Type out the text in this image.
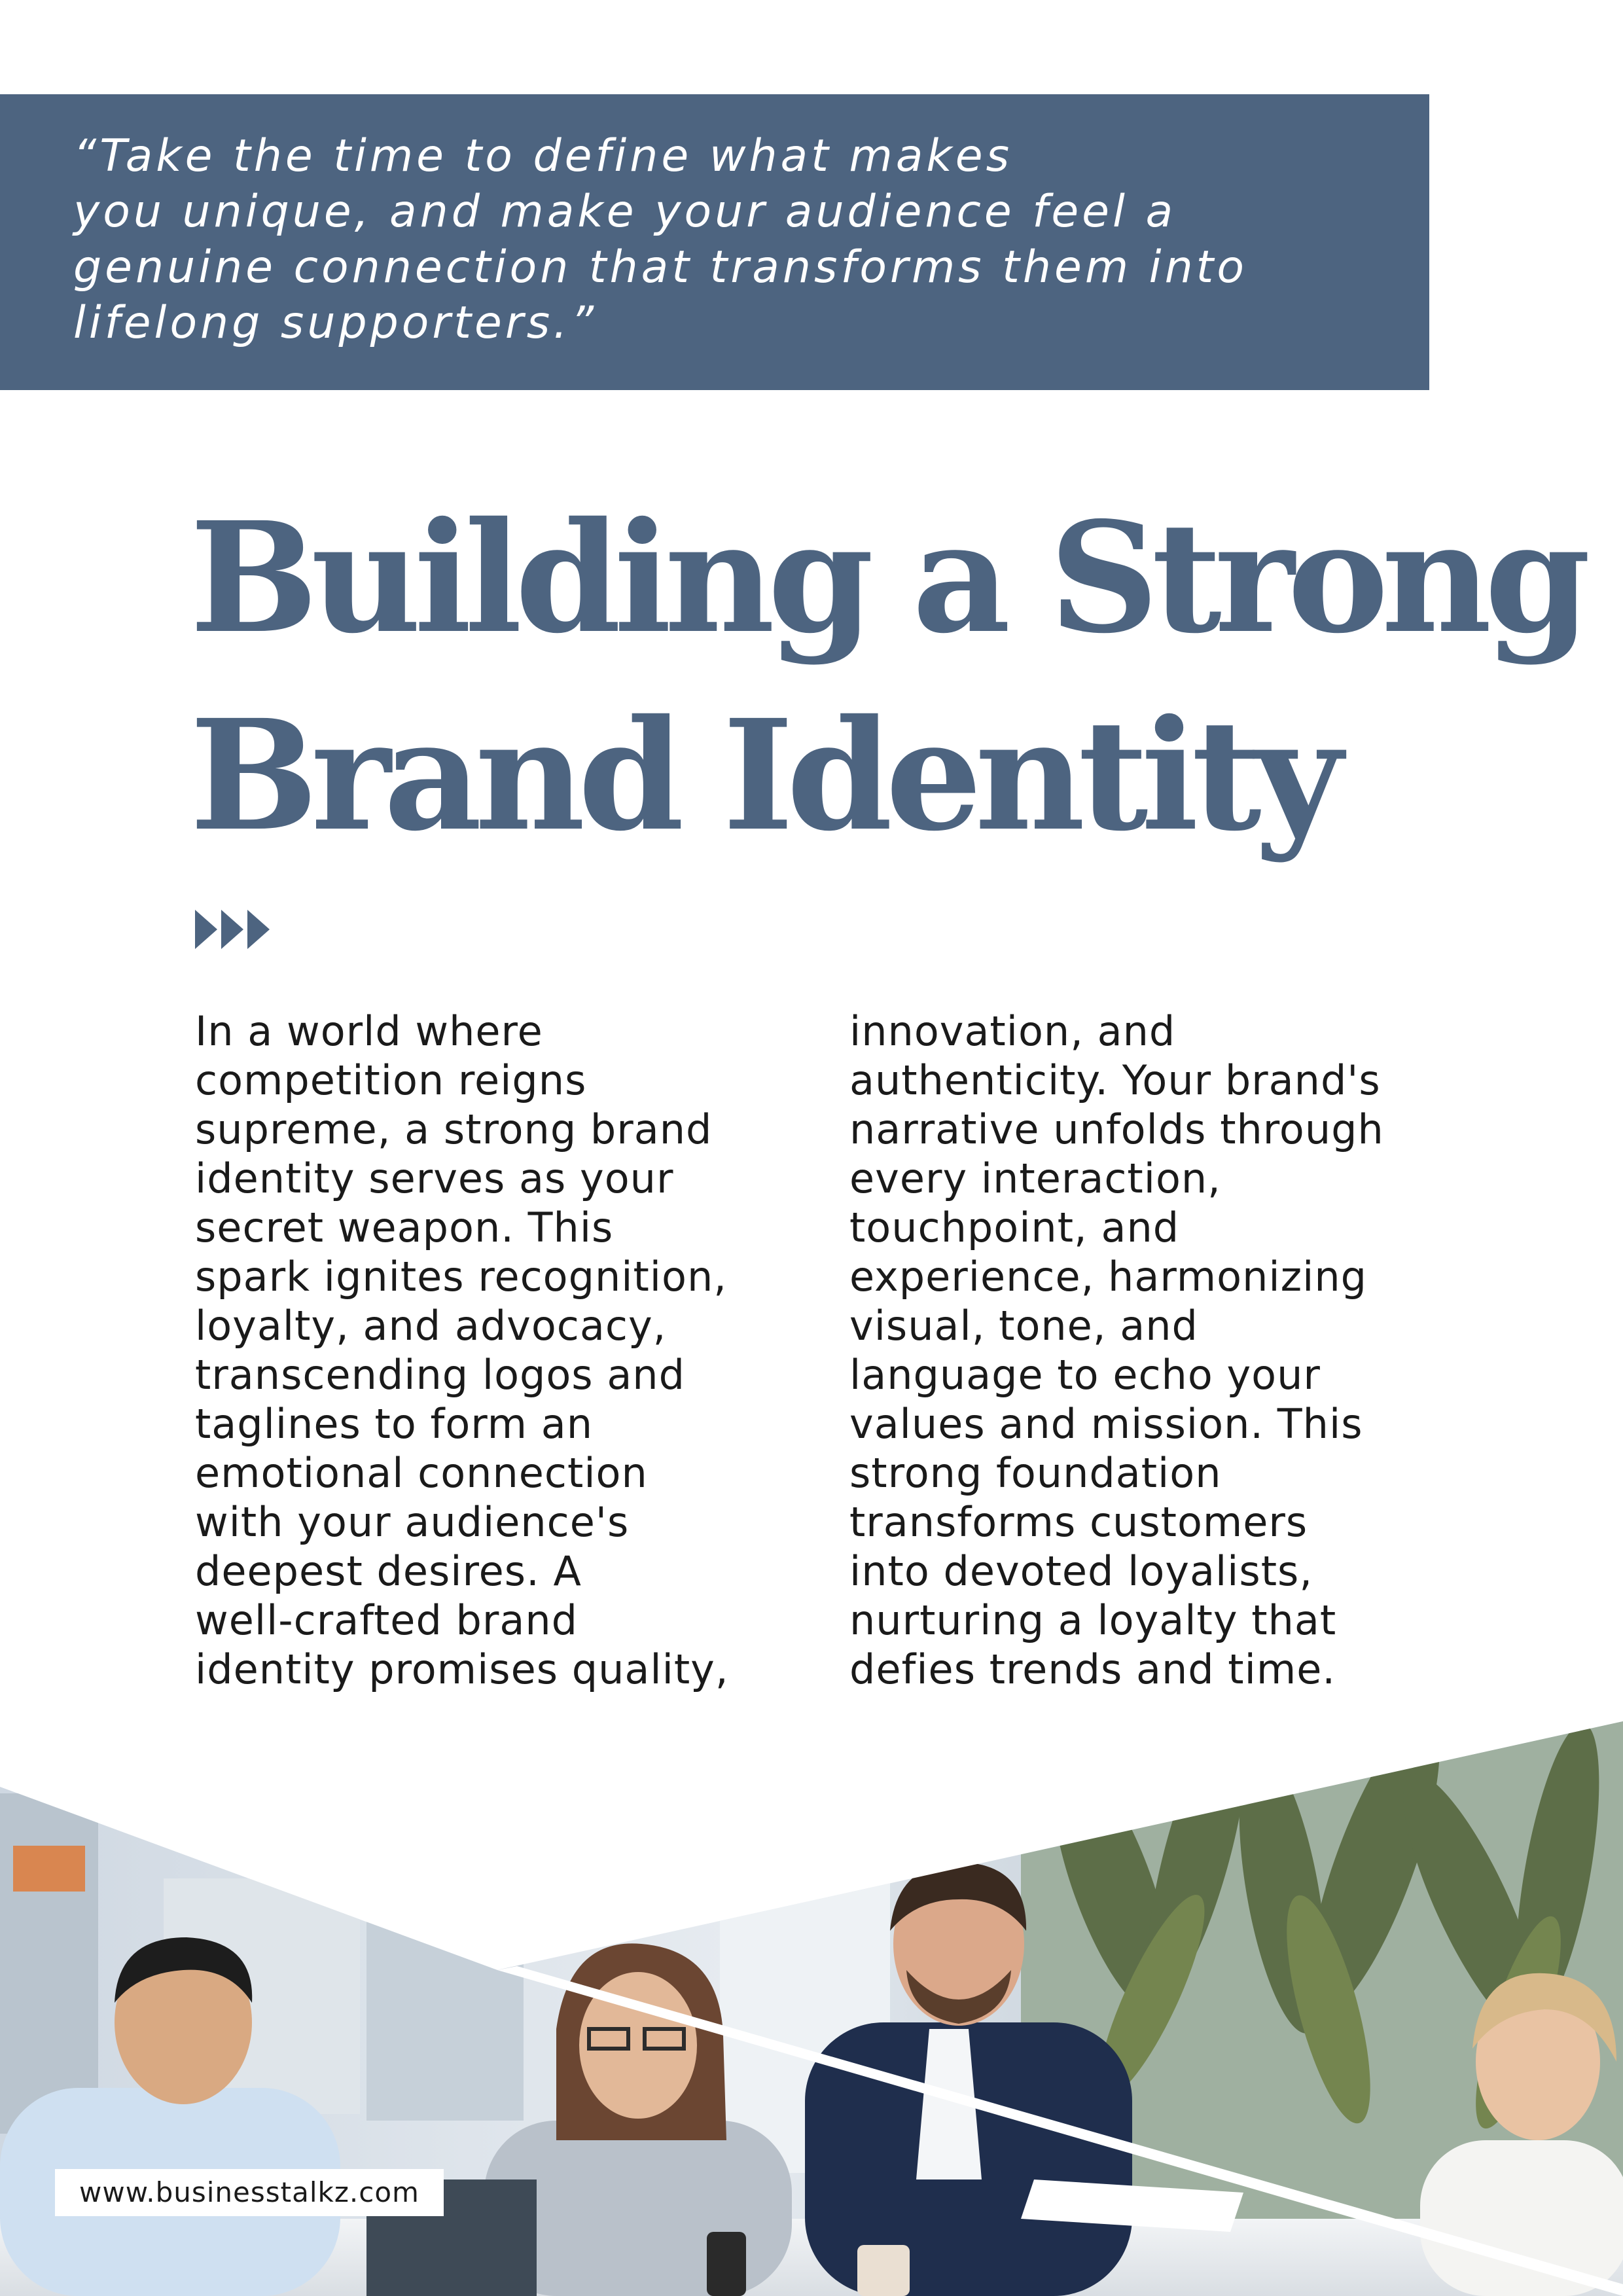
“Take the time to define what makes
you unique, and make your audience feel a
genuine connection that transforms them into
lifelong supporters.”

Building a Strong
Brand Identity

In a world where
competition reigns
supreme, a strong brand
identity serves as your
secret weapon. This
spark ignites recognition,
loyalty, and advocacy,
transcending logos and
taglines to form an
emotional connection
with your audience's
deepest desires. A
well-crafted brand
identity promises quality,

innovation, and
authenticity. Your brand's
narrative unfolds through
every interaction,
touchpoint, and
experience, harmonizing
visual, tone, and
language to echo your
values and mission. This
strong foundation
transforms customers
into devoted loyalists,
nurturing a loyalty that
defies trends and time.

www.businesstalkz.com
